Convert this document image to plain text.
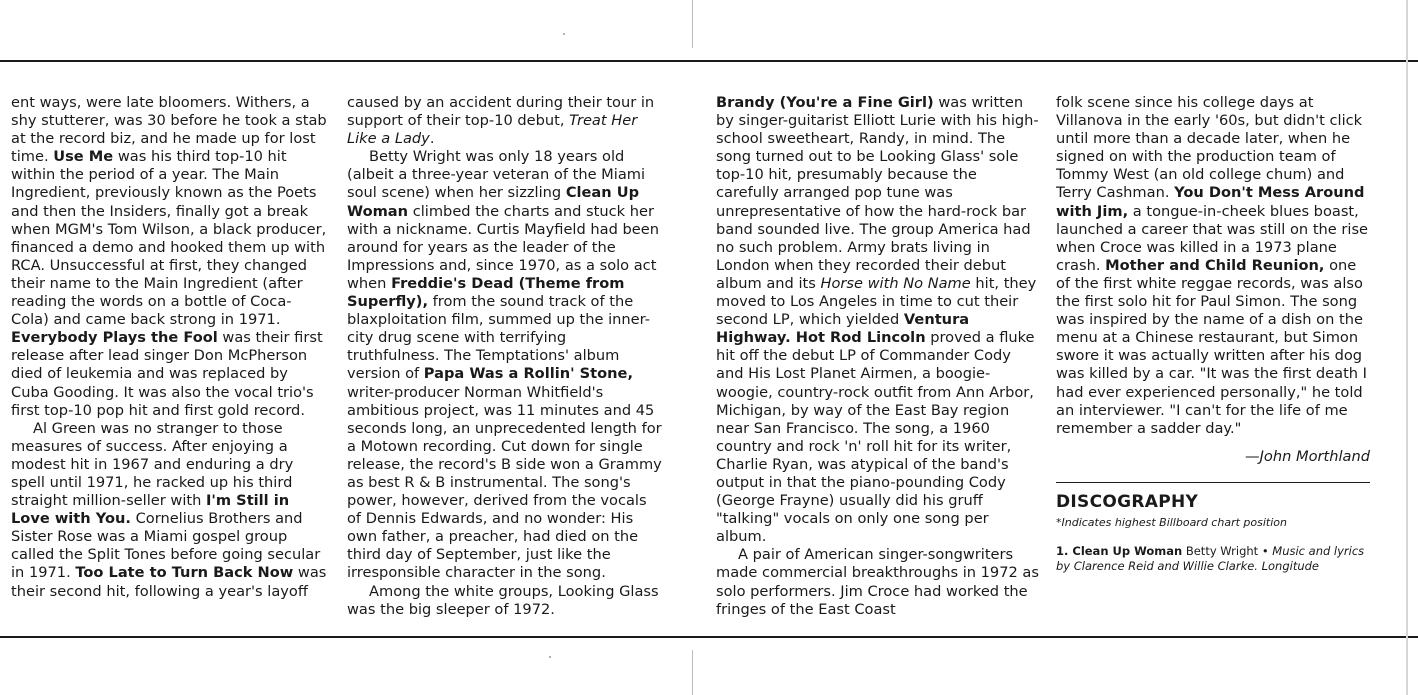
ent ways, were late bloomers. Withers, a shy stutterer, was 30 before he took a stab at the record biz, and he made up for lost time. Use Me was his third top-10 hit within the period of a year. The Main Ingredient, previously known as the Poets and then the Insiders, finally got a break when MGM's Tom Wilson, a black producer, financed a demo and hooked them up with RCA. Unsuccessful at first, they changed their name to the Main Ingredient (after reading the words on a bottle of Coca-Cola) and came back strong in 1971. Everybody Plays the Fool was their first release after lead singer Don McPherson died of leukemia and was replaced by Cuba Gooding. It was also the vocal trio's first top-10 pop hit and first gold record.

Al Green was no stranger to those measures of success. After enjoying a modest hit in 1967 and enduring a dry spell until 1971, he racked up his third straight million-seller with I'm Still in Love with You. Cornelius Brothers and Sister Rose was a Miami gospel group called the Split Tones before going secular in 1971. Too Late to Turn Back Now was their second hit, following a year's layoff

caused by an accident during their tour in support of their top-10 debut, Treat Her Like a Lady.

Betty Wright was only 18 years old (albeit a three-year veteran of the Miami soul scene) when her sizzling Clean Up Woman climbed the charts and stuck her with a nickname. Curtis Mayfield had been around for years as the leader of the Impressions and, since 1970, as a solo act when Freddie's Dead (Theme from Superfly), from the sound track of the blaxploitation film, summed up the inner-city drug scene with terrifying truthfulness. The Temptations' album version of Papa Was a Rollin' Stone, writer-producer Norman Whitfield's ambitious project, was 11 minutes and 45 seconds long, an unprecedented length for a Motown recording. Cut down for single release, the record's B side won a Grammy as best R & B instrumental. The song's power, however, derived from the vocals of Dennis Edwards, and no wonder: His own father, a preacher, had died on the third day of September, just like the irresponsible character in the song.

Among the white groups, Looking Glass was the big sleeper of 1972.

Brandy (You're a Fine Girl) was written by singer-guitarist Elliott Lurie with his high-school sweetheart, Randy, in mind. The song turned out to be Looking Glass' sole top-10 hit, presumably because the carefully arranged pop tune was unrepresentative of how the hard-rock bar band sounded live. The group America had no such problem. Army brats living in London when they recorded their debut album and its Horse with No Name hit, they moved to Los Angeles in time to cut their second LP, which yielded Ventura Highway. Hot Rod Lincoln proved a fluke hit off the debut LP of Commander Cody and His Lost Planet Airmen, a boogie-woogie, country-rock outfit from Ann Arbor, Michigan, by way of the East Bay region near San Francisco. The song, a 1960 country and rock 'n' roll hit for its writer, Charlie Ryan, was atypical of the band's output in that the piano-pounding Cody (George Frayne) usually did his gruff "talking" vocals on only one song per album.

A pair of American singer-songwriters made commercial breakthroughs in 1972 as solo performers. Jim Croce had worked the fringes of the East Coast

folk scene since his college days at Villanova in the early '60s, but didn't click until more than a decade later, when he signed on with the production team of Tommy West (an old college chum) and Terry Cashman. You Don't Mess Around with Jim, a tongue-in-cheek blues boast, launched a career that was still on the rise when Croce was killed in a 1973 plane crash. Mother and Child Reunion, one of the first white reggae records, was also the first solo hit for Paul Simon. The song was inspired by the name of a dish on the menu at a Chinese restaurant, but Simon swore it was actually written after his dog was killed by a car. "It was the first death I had ever experienced personally," he told an interviewer. "I can't for the life of me remember a sadder day."

—John Morthland
DISCOGRAPHY
*Indicates highest Billboard chart position
1. Clean Up Woman Betty Wright • Music and lyrics by Clarence Reid and Willie Clarke. Longitude
